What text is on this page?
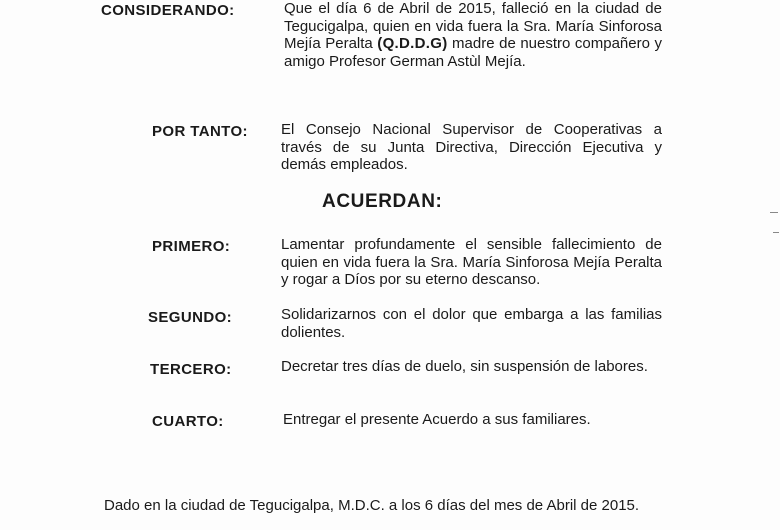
CONSIDERANDO:	Que el día 6 de Abril de 2015, falleció en la ciudad de Tegucigalpa, quien en vida fuera la Sra. María Sinforosa Mejía Peralta (Q.D.D.G) madre de nuestro compañero y amigo Profesor German Astùl Mejía.
POR TANTO: El Consejo Nacional Supervisor de Cooperativas a través de su Junta Directiva, Dirección Ejecutiva y demás empleados.
ACUERDAN:
PRIMERO:	Lamentar profundamente el sensible fallecimiento de quien en vida fuera la Sra. María Sinforosa Mejía Peralta y rogar a Díos por su eterno descanso.
SEGUNDO:	Solidarizarnos con el dolor que embarga a las familias dolientes.
TERCERO:	Decretar tres días de duelo, sin suspensión de labores.
CUARTO:	Entregar el presente Acuerdo a sus familiares.
Dado en la ciudad de Tegucigalpa, M.D.C. a los 6 días del mes de Abril de 2015.
